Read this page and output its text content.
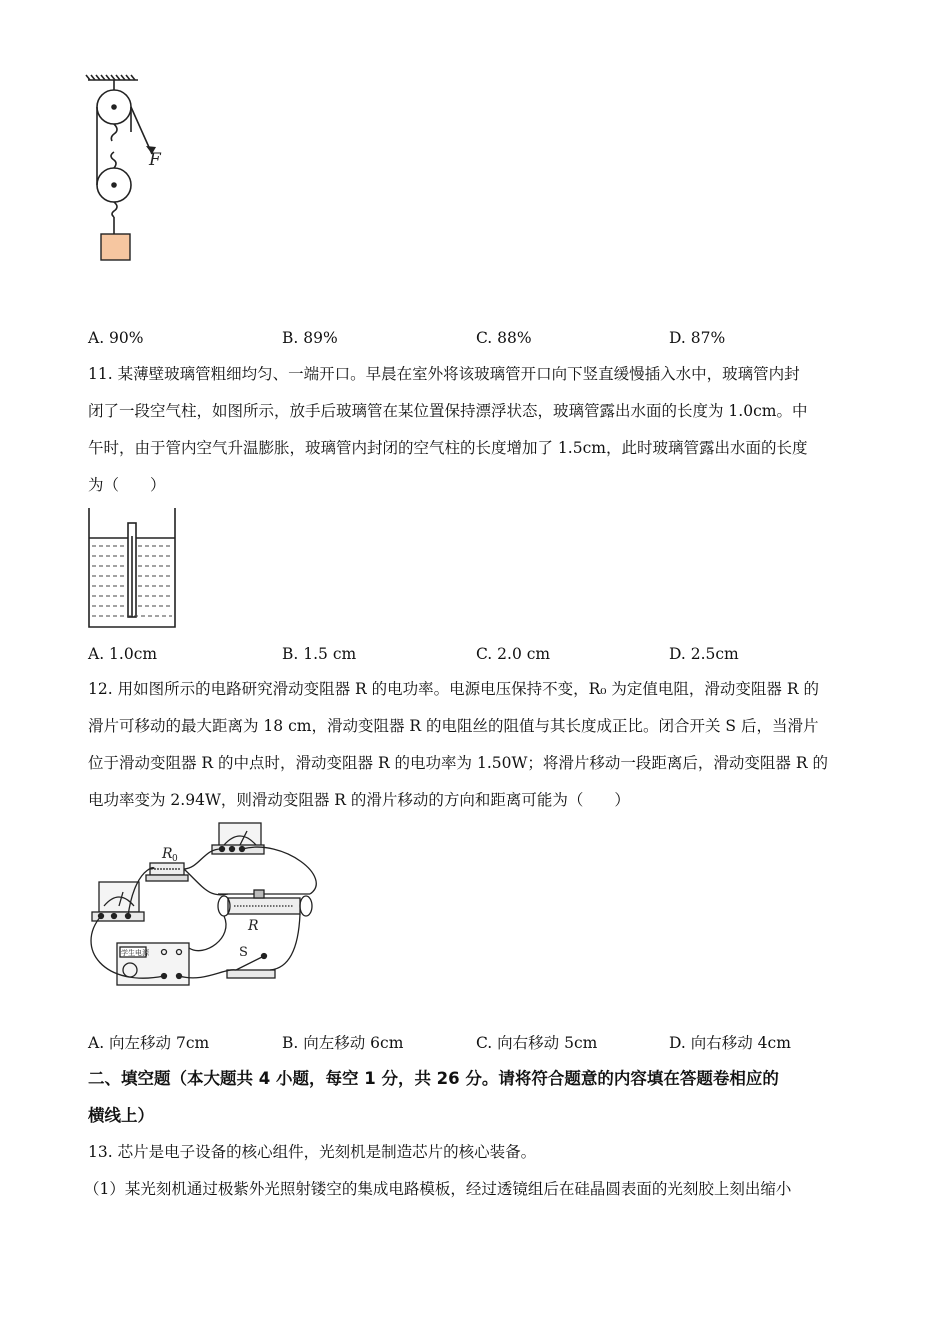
F
A. 90%	B. 89%	C. 88%	D. 87%
11. 某薄壁玻璃管粗细均匀、一端开口。早晨在室外将该玻璃管开口向下竖直缓慢插入水中，玻璃管内封
闭了一段空气柱，如图所示，放手后玻璃管在某位置保持漂浮状态，玻璃管露出水面的长度为 1.0cm。中
午时，由于管内空气升温膨胀，玻璃管内封闭的空气柱的长度增加了 1.5cm，此时玻璃管露出水面的长度
为（　　）
A. 1.0cm	B. 1.5 cm	C. 2.0 cm	D. 2.5cm
12. 用如图所示的电路研究滑动变阻器 R 的电功率。电源电压保持不变，R₀ 为定值电阻，滑动变阻器 R 的
滑片可移动的最大距离为 18 cm，滑动变阻器 R 的电阻丝的阻值与其长度成正比。闭合开关 S 后，当滑片
位于滑动变阻器 R 的中点时，滑动变阻器 R 的电功率为 1.50W；将滑片移动一段距离后，滑动变阻器 R 的
电功率变为 2.94W，则滑动变阻器 R 的滑片移动的方向和距离可能为（　　）
R 0
R
S
学生电源
A. 向左移动 7cm	B. 向左移动 6cm	C. 向右移动 5cm	D. 向右移动 4cm
二、填空题（本大题共 4 小题，每空 1 分，共 26 分。请将符合题意的内容填在答题卷相应的
横线上）
13. 芯片是电子设备的核心组件，光刻机是制造芯片的核心装备。
（1）某光刻机通过极紫外光照射镂空的集成电路模板，经过透镜组后在硅晶圆表面的光刻胶上刻出缩小
